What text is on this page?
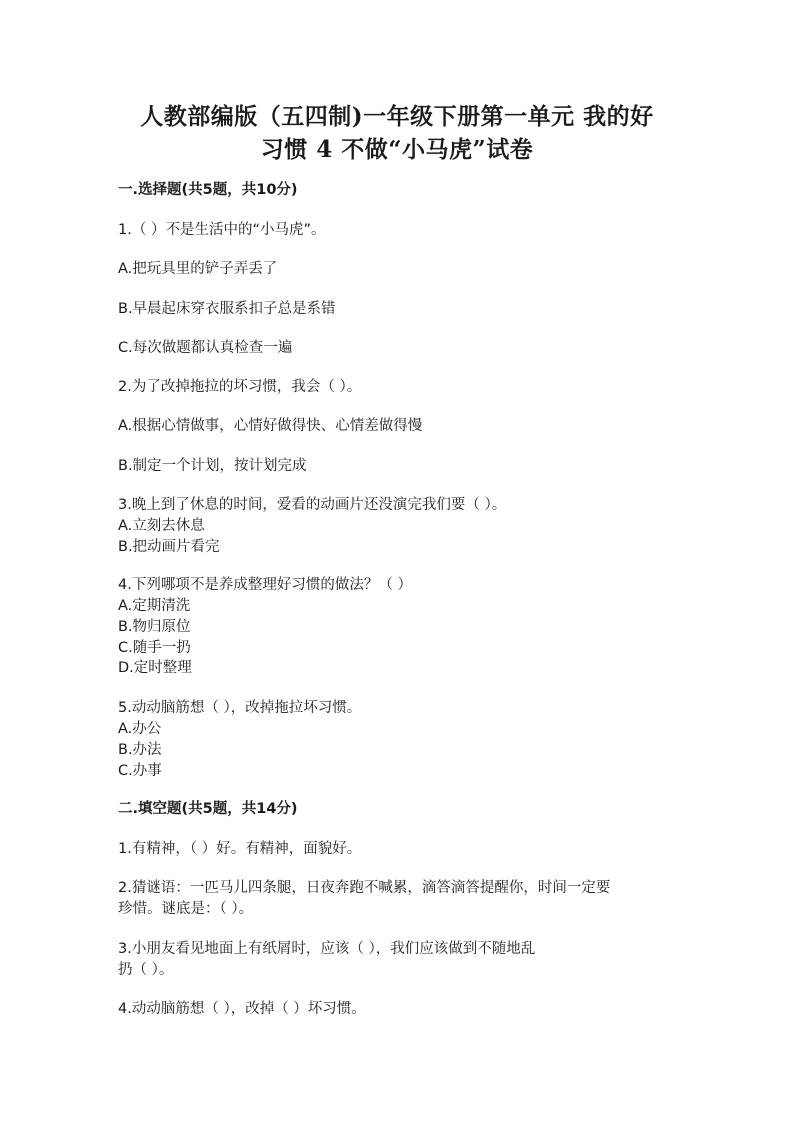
人教部编版（五四制)一年级下册第一单元 我的好
习惯 4 不做“小马虎”试卷
一.选择题(共5题，共10分)
1.（ ）不是生活中的“小马虎”。
A.把玩具里的铲子弄丢了
B.早晨起床穿衣服系扣子总是系错
C.每次做题都认真检查一遍
2.为了改掉拖拉的坏习惯，我会（ ）。
A.根据心情做事，心情好做得快、心情差做得慢
B.制定一个计划，按计划完成
3.晚上到了休息的时间，爱看的动画片还没演完我们要（ ）。
A.立刻去休息
B.把动画片看完
4.下列哪项不是养成整理好习惯的做法？（ ）
A.定期清洗
B.物归原位
C.随手一扔
D.定时整理
5.动动脑筋想（ ），改掉拖拉坏习惯。
A.办公
B.办法
C.办事
二.填空题(共5题，共14分)
1.有精神，（ ）好。有精神，面貌好。
2.猜谜语：一匹马儿四条腿，日夜奔跑不喊累，滴答滴答提醒你，时间一定要
珍惜。谜底是：（ ）。
3.小朋友看见地面上有纸屑时，应该（ ），我们应该做到不随地乱
扔（ ）。
4.动动脑筋想（ ），改掉（ ）坏习惯。
